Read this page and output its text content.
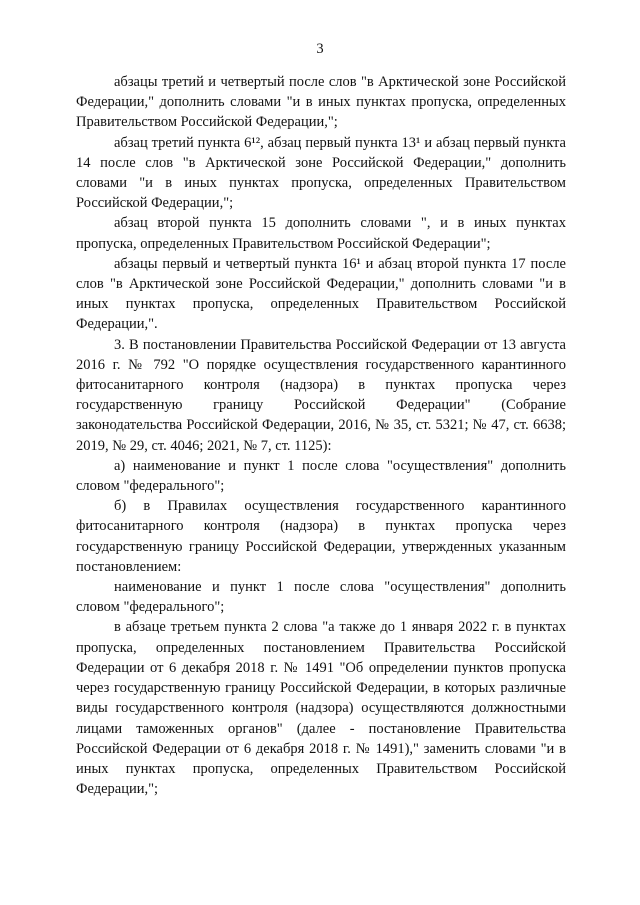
3

абзацы третий и четвертый после слов "в Арктической зоне Российской Федерации," дополнить словами "и в иных пунктах пропуска, определенных Правительством Российской Федерации,";

абзац третий пункта 6¹², абзац первый пункта 13¹ и абзац первый пункта 14 после слов "в Арктической зоне Российской Федерации," дополнить словами "и в иных пунктах пропуска, определенных Правительством Российской Федерации,";

абзац второй пункта 15 дополнить словами ", и в иных пунктах пропуска, определенных Правительством Российской Федерации";

абзацы первый и четвертый пункта 16¹ и абзац второй пункта 17 после слов "в Арктической зоне Российской Федерации," дополнить словами "и в иных пунктах пропуска, определенных Правительством Российской Федерации,".

3. В постановлении Правительства Российской Федерации от 13 августа 2016 г. № 792 "О порядке осуществления государственного карантинного фитосанитарного контроля (надзора) в пунктах пропуска через государственную границу Российской Федерации" (Собрание законодательства Российской Федерации, 2016, № 35, ст. 5321; № 47, ст. 6638; 2019, № 29, ст. 4046; 2021, № 7, ст. 1125):

а) наименование и пункт 1 после слова "осуществления" дополнить словом "федерального";

б) в Правилах осуществления государственного карантинного фитосанитарного контроля (надзора) в пунктах пропуска через государственную границу Российской Федерации, утвержденных указанным постановлением:

наименование и пункт 1 после слова "осуществления" дополнить словом "федерального";

в абзаце третьем пункта 2 слова "а также до 1 января 2022 г. в пунктах пропуска, определенных постановлением Правительства Российской Федерации от 6 декабря 2018 г. № 1491 "Об определении пунктов пропуска через государственную границу Российской Федерации, в которых различные виды государственного контроля (надзора) осуществляются должностными лицами таможенных органов" (далее - постановление Правительства Российской Федерации от 6 декабря 2018 г. № 1491)," заменить словами "и в иных пунктах пропуска, определенных Правительством Российской Федерации,";
